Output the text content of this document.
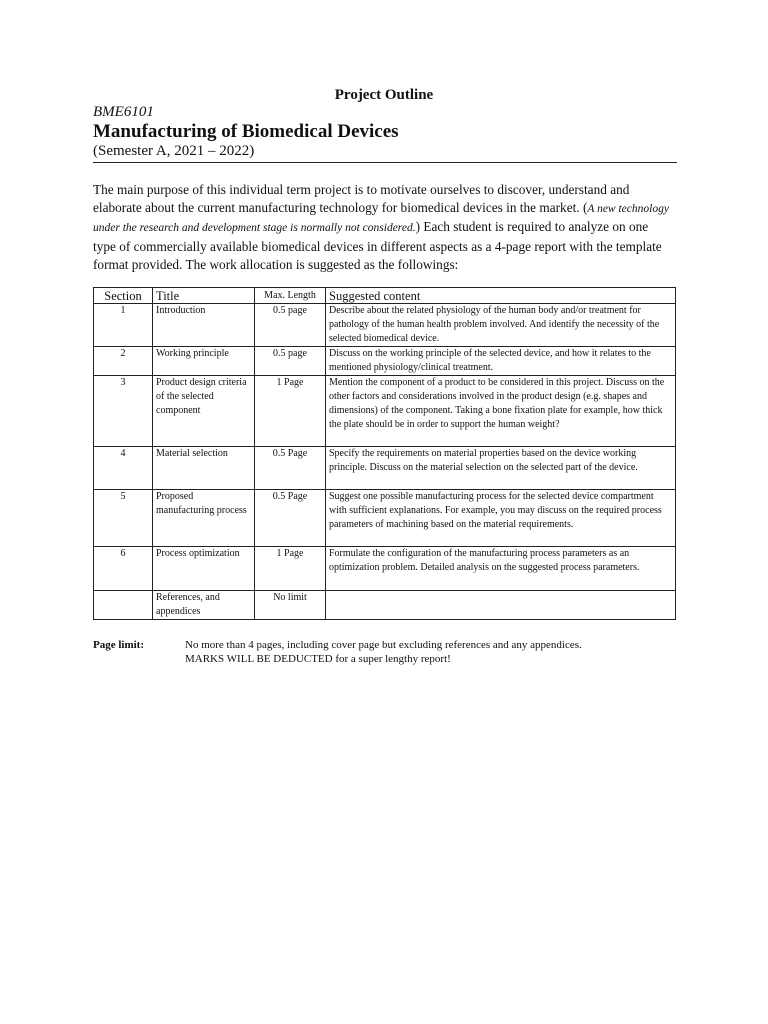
Project Outline
BME6101
Manufacturing of Biomedical Devices
(Semester A, 2021 – 2022)
The main purpose of this individual term project is to motivate ourselves to discover, understand and elaborate about the current manufacturing technology for biomedical devices in the market. (A new technology under the research and development stage is normally not considered.) Each student is required to analyze on one type of commercially available biomedical devices in different aspects as a 4-page report with the template format provided. The work allocation is suggested as the followings:
Section	Title	Max. Length	Suggested content
1	Introduction	0.5 page	Describe about the related physiology of the human body and/or treatment for pathology of the human health problem involved. And identify the necessity of the selected biomedical device.
2	Working principle	0.5 page	Discuss on the working principle of the selected device, and how it relates to the mentioned physiology/clinical treatment.
3	Product design criteria of the selected component	1 Page	Mention the component of a product to be considered in this project. Discuss on the other factors and considerations involved in the product design (e.g. shapes and dimensions) of the component. Taking a bone fixation plate for example, how thick the plate should be in order to support the human weight?
4	Material selection	0.5 Page	Specify the requirements on material properties based on the device working principle. Discuss on the material selection on the selected part of the device.
5	Proposed manufacturing process	0.5 Page	Suggest one possible manufacturing process for the selected device compartment with sufficient explanations. For example, you may discuss on the required process parameters of machining based on the material requirements.
6	Process optimization	1 Page	Formulate the configuration of the manufacturing process parameters as an optimization problem. Detailed analysis on the suggested process parameters.
	References, and appendices	No limit	
Page limit:	No more than 4 pages, including cover page but excluding references and any appendices.
MARKS WILL BE DEDUCTED for a super lengthy report!
